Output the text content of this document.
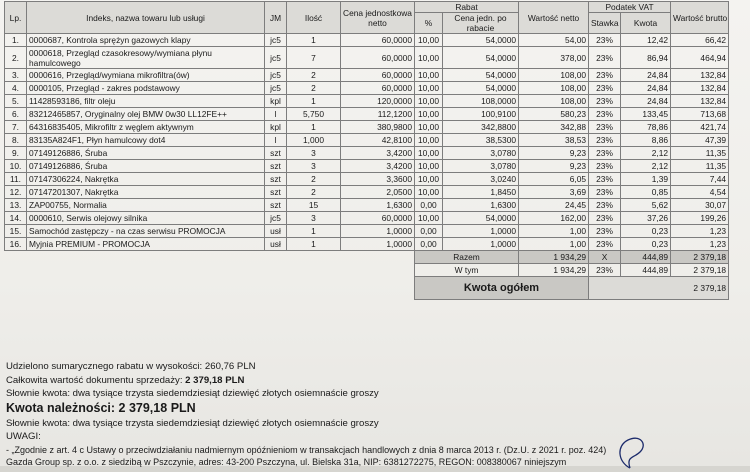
Lp.	Indeks, nazwa towaru lub usługi	JM	Ilość	Cena jednostkowa netto	Rabat		Wartość netto	Podatek VAT		Wartość brutto
					%	Cena jedn. po rabacie		Stawka	Kwota	
1.	0000687, Kontrola sprężyn gazowych klapy	jc5	1	60,0000	10,00	54,0000	54,00	23%	12,42	66,42
2.	0000618, Przegląd czasokresowy/wymiana płynu hamulcowego	jc5	7	60,0000	10,00	54,0000	378,00	23%	86,94	464,94
3.	0000616, Przegląd/wymiana mikrofiltra(ów)	jc5	2	60,0000	10,00	54,0000	108,00	23%	24,84	132,84
4.	0000105, Przegląd - zakres podstawowy	jc5	2	60,0000	10,00	54,0000	108,00	23%	24,84	132,84
5.	11428593186, filtr oleju	kpl	1	120,0000	10,00	108,0000	108,00	23%	24,84	132,84
6.	83212465857, Oryginalny olej BMW 0w30 LL12FE++	l	5,750	112,1200	10,00	100,9100	580,23	23%	133,45	713,68
7.	64316835405, Mikrofiltr z węglem aktywnym	kpl	1	380,9800	10,00	342,8800	342,88	23%	78,86	421,74
8.	83135A824F1, Płyn hamulcowy dot4	l	1,000	42,8100	10,00	38,5300	38,53	23%	8,86	47,39
9.	07149126886, Śruba	szt	3	3,4200	10,00	3,0780	9,23	23%	2,12	11,35
10.	07149126886, Śruba	szt	3	3,4200	10,00	3,0780	9,23	23%	2,12	11,35
11.	07147306224, Nakrętka	szt	2	3,3600	10,00	3,0240	6,05	23%	1,39	7,44
12.	07147201307, Nakrętka	szt	2	2,0500	10,00	1,8450	3,69	23%	0,85	4,54
13.	ZAP00755, Normalia	szt	15	1,6300	0,00	1,6300	24,45	23%	5,62	30,07
14.	0000610, Serwis olejowy silnika	jc5	3	60,0000	10,00	54,0000	162,00	23%	37,26	199,26
15.	Samochód zastępczy - na czas serwisu PROMOCJA	usł	1	1,0000	0,00	1,0000	1,00	23%	0,23	1,23
16.	Myjnia PREMIUM - PROMOCJA	usł	1	1,0000	0,00	1,0000	1,00	23%	0,23	1,23
					Razem		1 934,29	X	444,89	2 379,18
					W tym		1 934,29	23%	444,89	2 379,18
					Kwota ogółem			2 379,18		
Udzielono sumarycznego rabatu w wysokości: 260,76 PLN
Całkowita wartość dokumentu sprzedaży: 2 379,18 PLN
Słownie kwota: dwa tysiące trzysta siedemdziesiąt dziewięć złotych osiemnaście groszy
Kwota należności: 2 379,18 PLN
Słownie kwota: dwa tysiące trzysta siedemdziesiąt dziewięć złotych osiemnaście groszy
UWAGI:
- „Zgodnie z art. 4 c Ustawy o przeciwdziałaniu nadmiernym opóźnieniom w transakcjach handlowych z dnia 8 marca 2013 r. (Dz.U. z 2021 r. poz. 424)
Gazda Group sp. z o.o. z siedzibą w Pszczynie, adres: 43-200 Pszczyna, ul. Bielska 31a, NIP: 6381272275, REGON: 008380067 niniejszym
